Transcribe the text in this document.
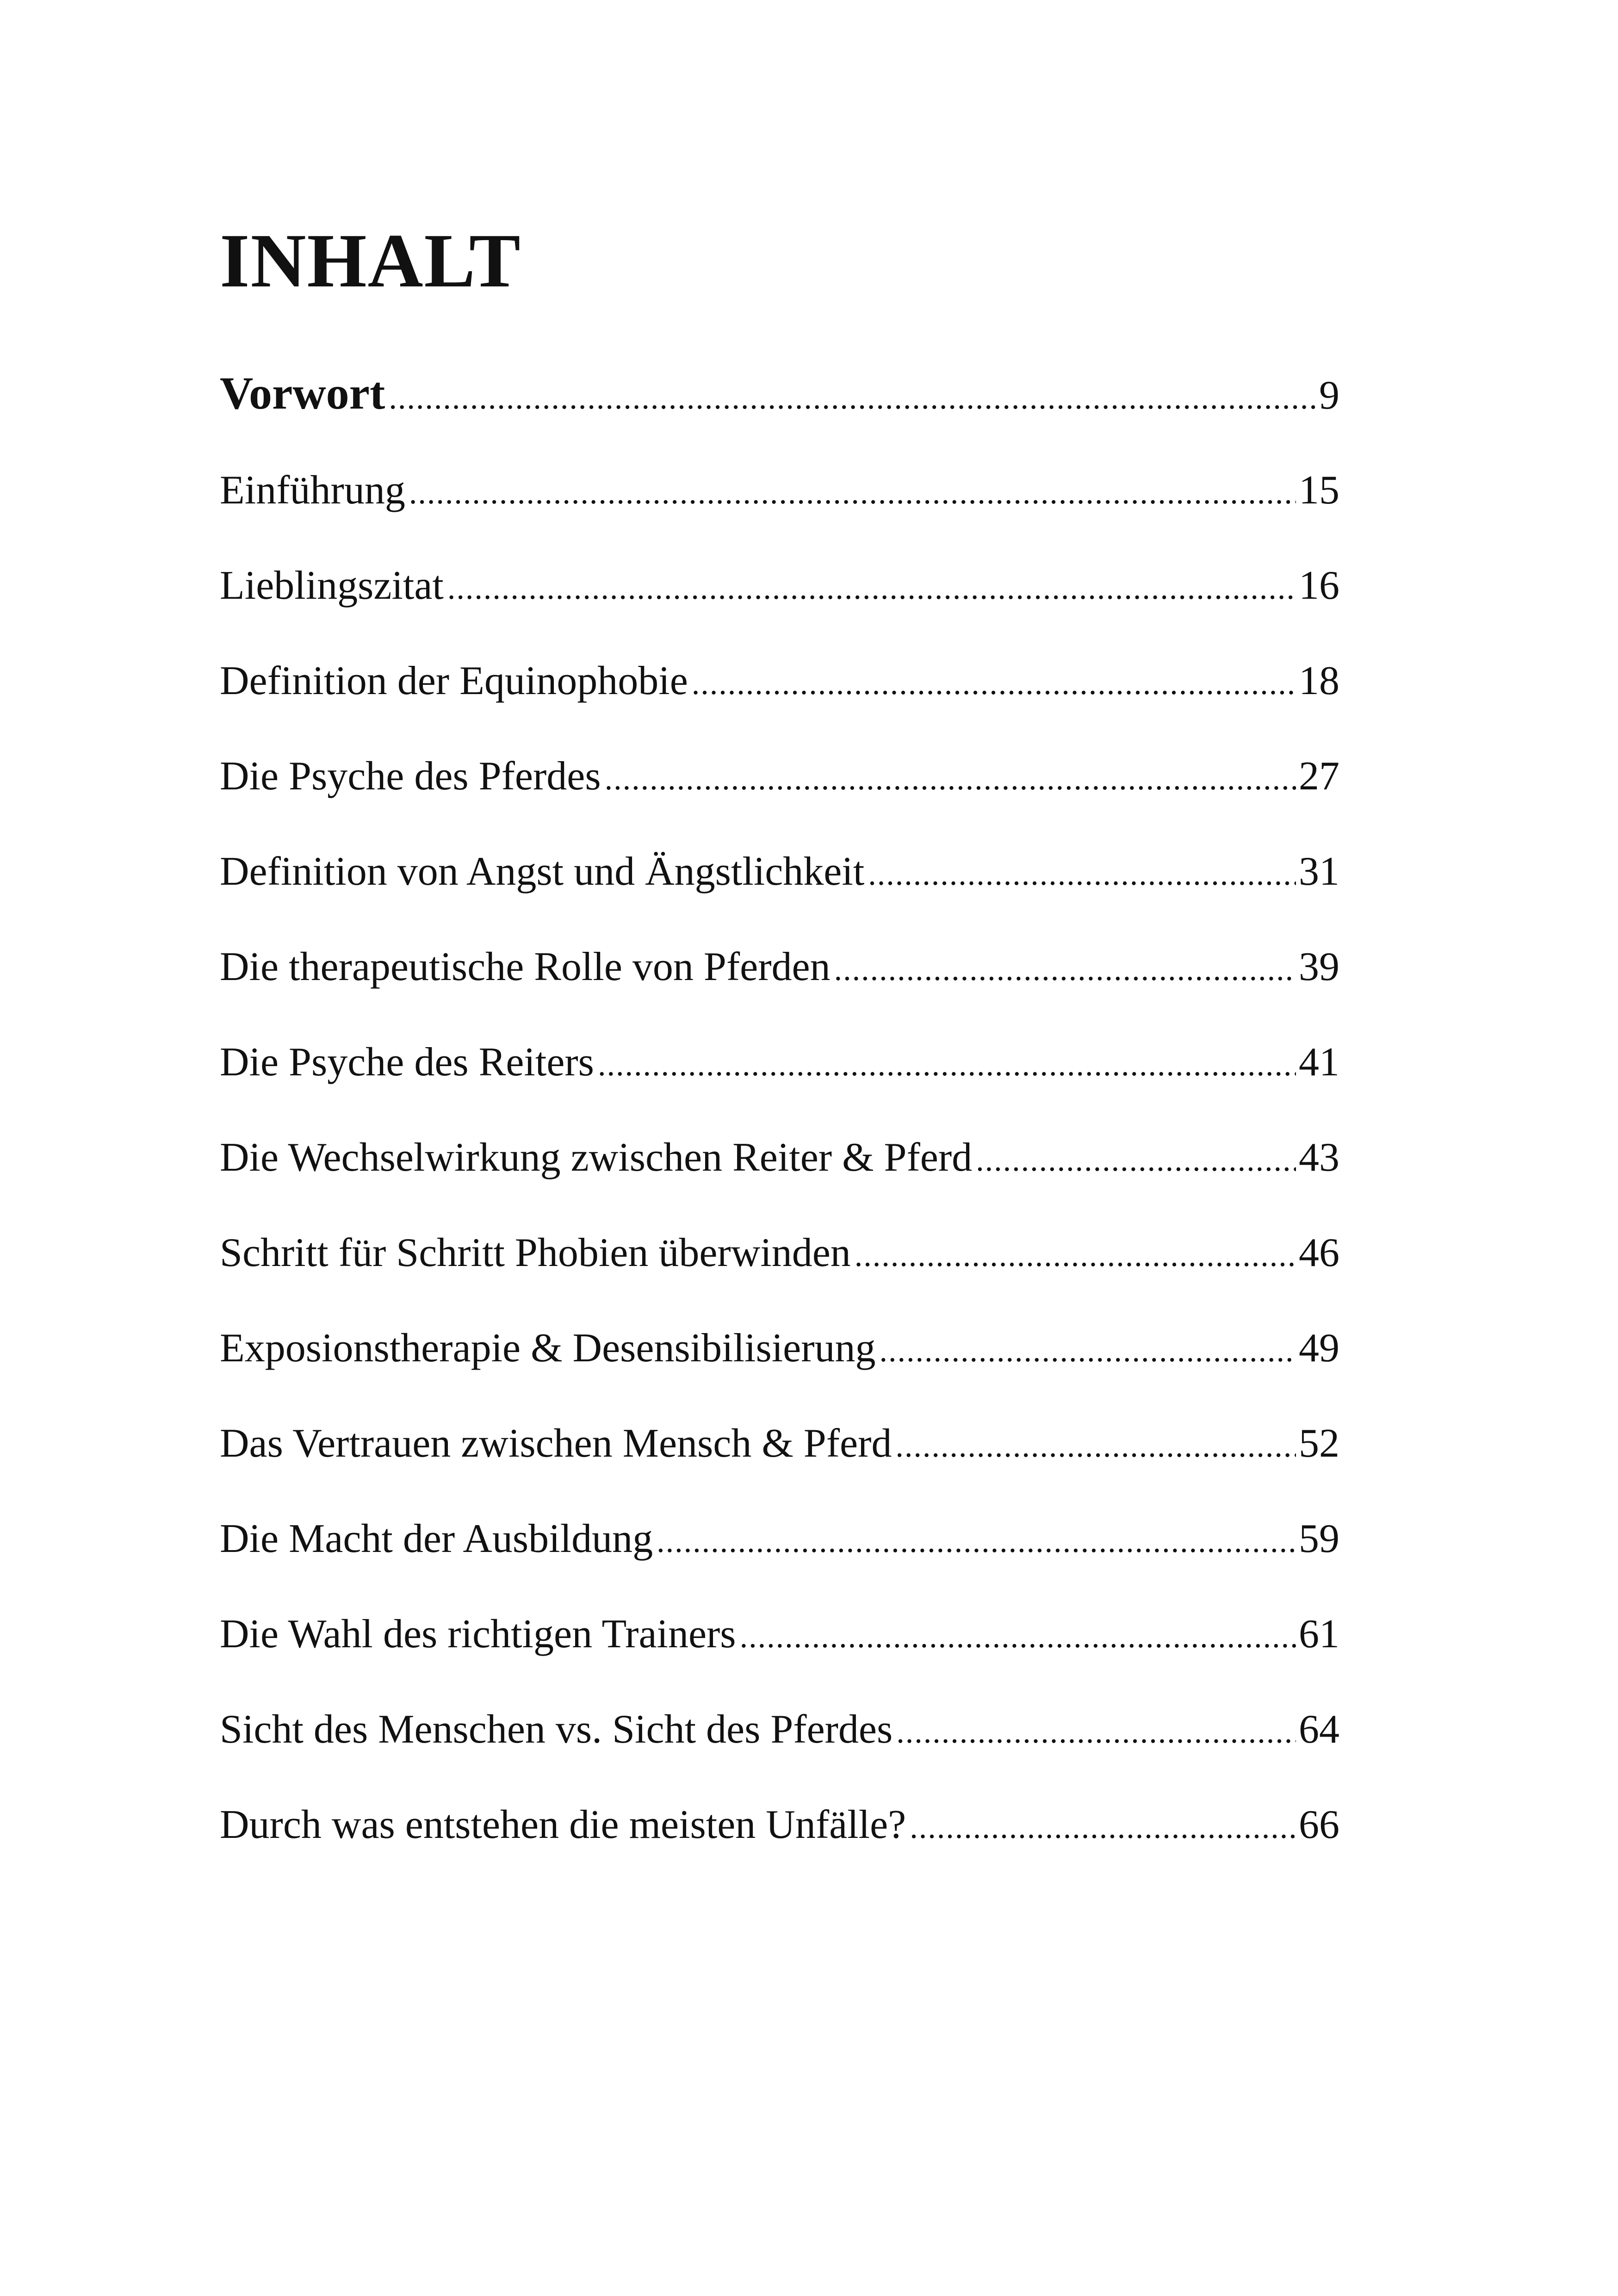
INHALT
Vorwort .....	9
Einführung .....	15
Lieblingszitat .....	16
Definition der Equinophobie .....	18
Die Psyche des Pferdes .....	27
Definition von Angst und Ängstlichkeit .....	31
Die therapeutische Rolle von Pferden .....	39
Die Psyche des Reiters .....	41
Die Wechselwirkung zwischen Reiter & Pferd .....	43
Schritt für Schritt Phobien überwinden .....	46
Exposionstherapie & Desensibilisierung .....	49
Das Vertrauen zwischen Mensch & Pferd .....	52
Die Macht der Ausbildung .....	59
Die Wahl des richtigen Trainers .....	61
Sicht des Menschen vs. Sicht des Pferdes .....	64
Durch was entstehen die meisten Unfälle? .....	66
